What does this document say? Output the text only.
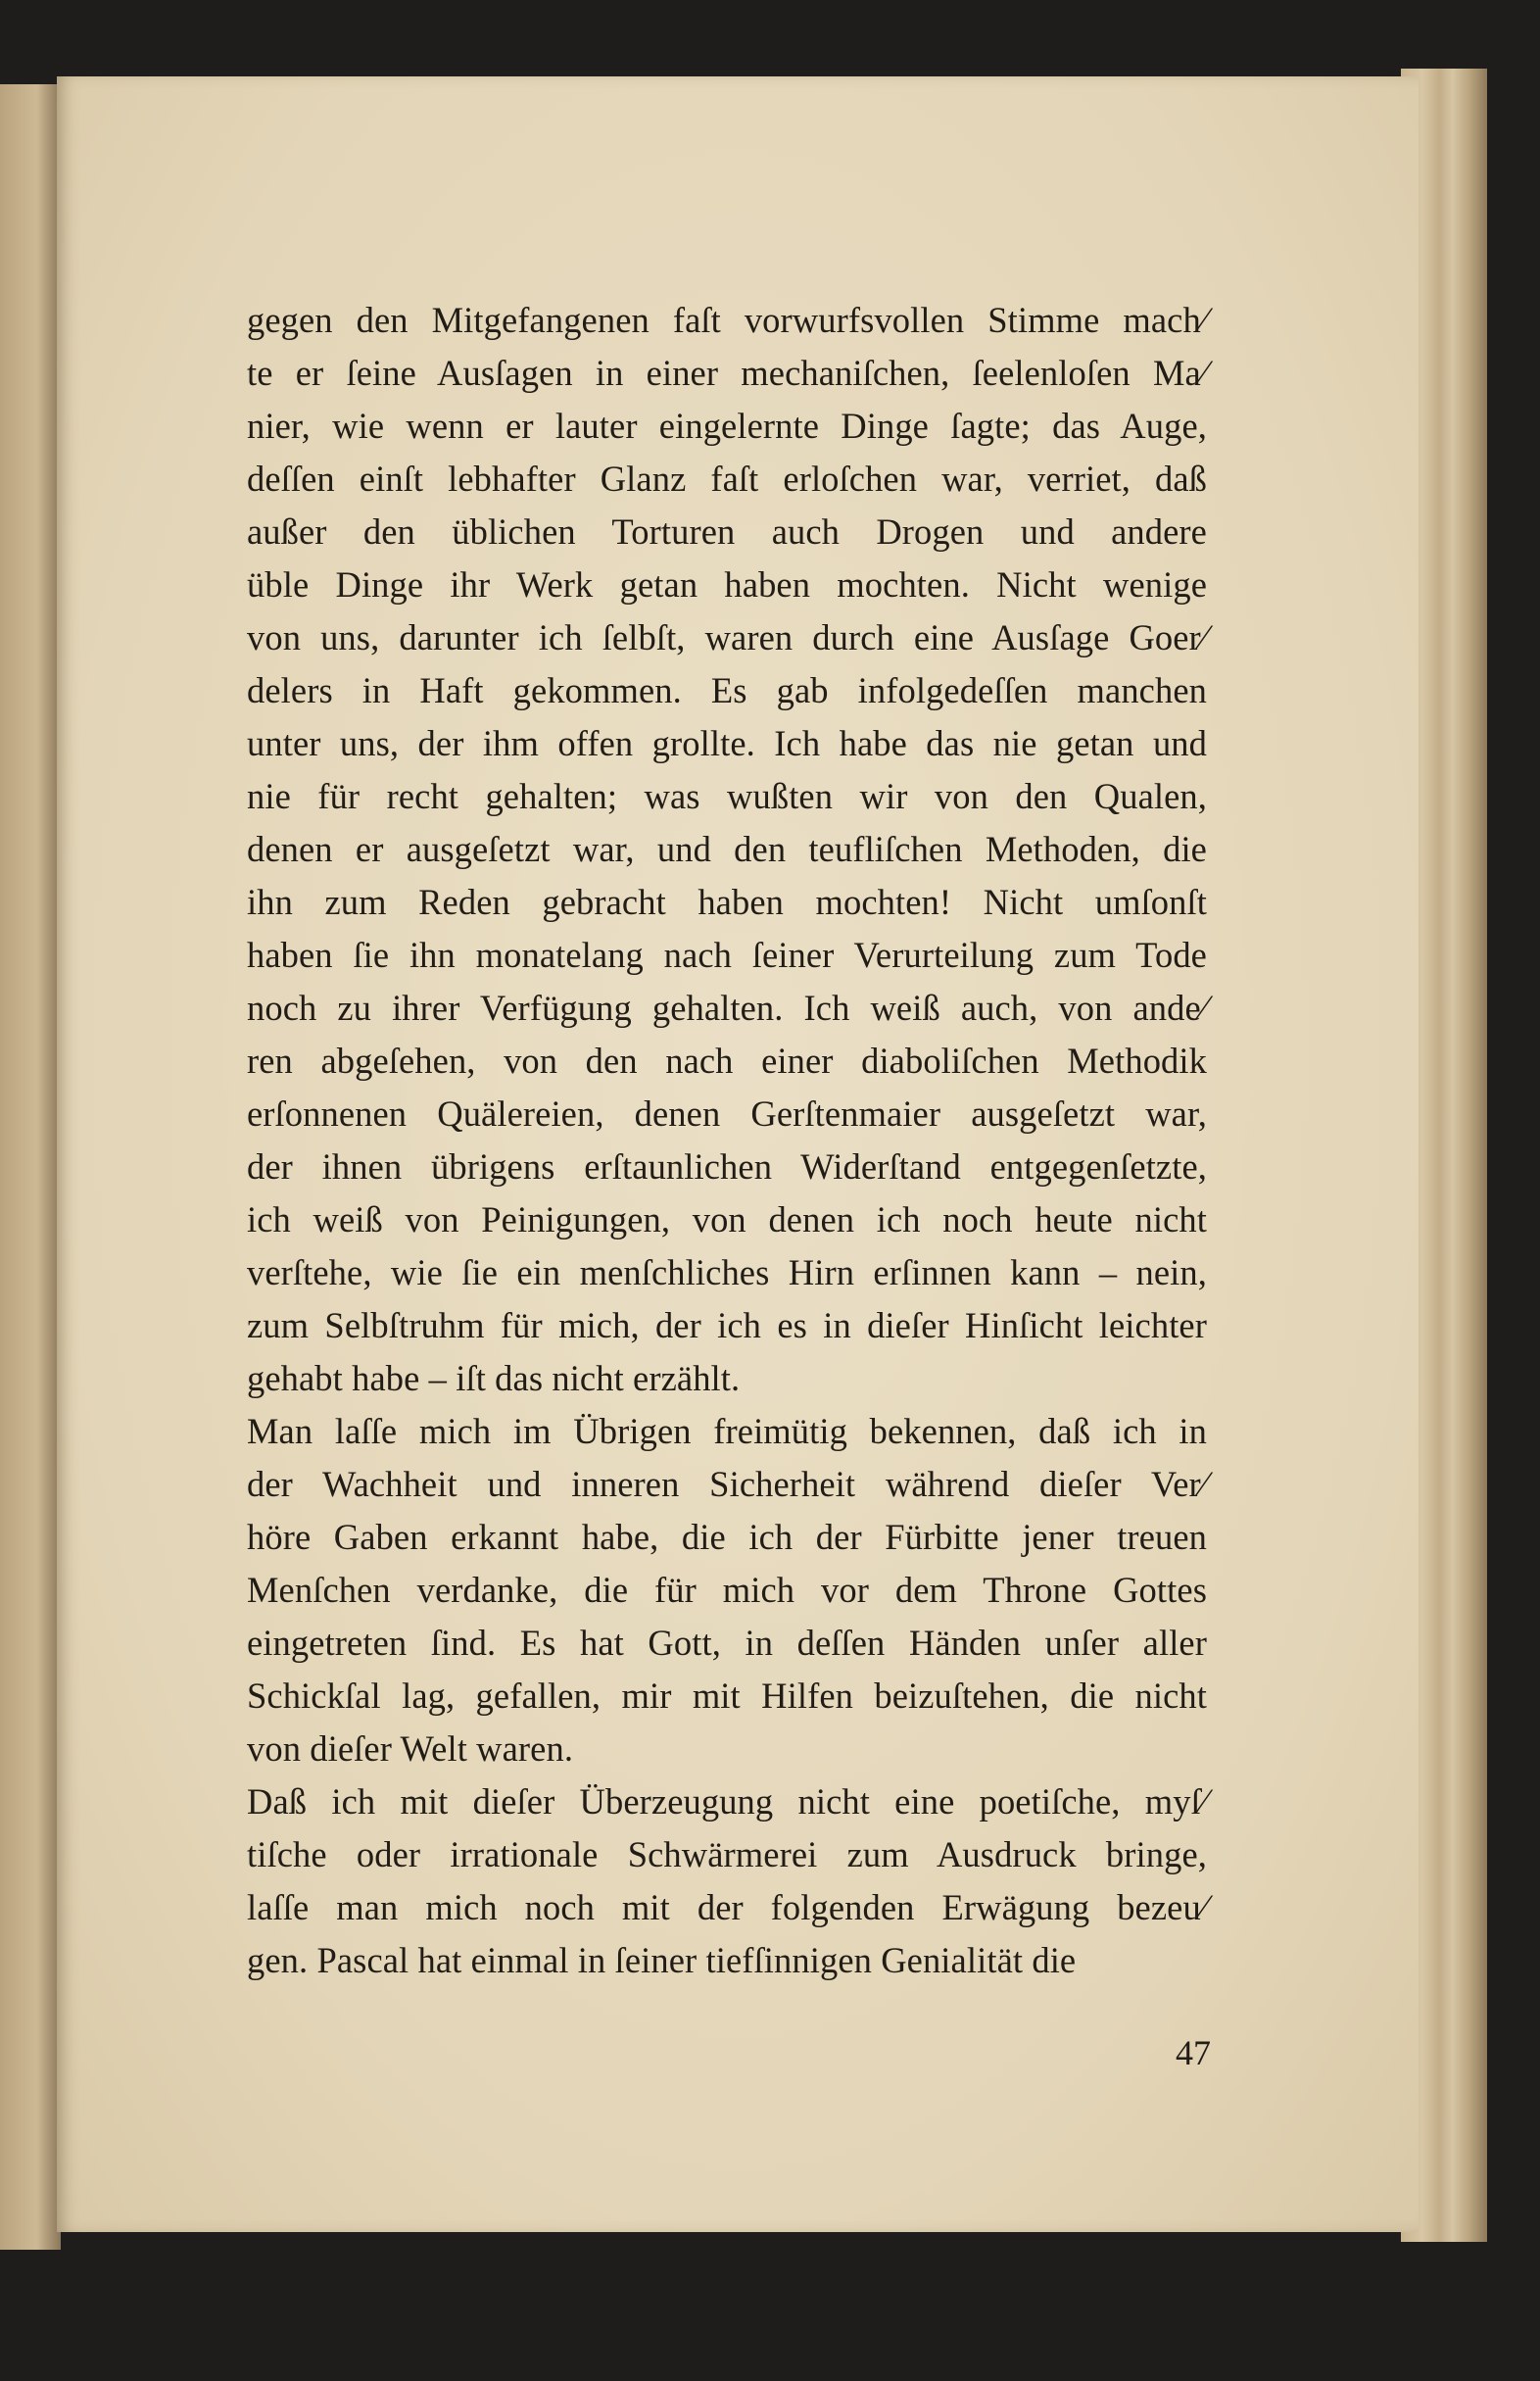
gegen den Mitgefangenen faſt vorwurfsvollen Stimme mach⁄
te er ſeine Ausſagen in einer mechaniſchen, ſeelenloſen Ma⁄
nier, wie wenn er lauter eingelernte Dinge ſagte; das Auge,
deſſen einſt lebhafter Glanz faſt erloſchen war, verriet, daß
außer den üblichen Torturen auch Drogen und andere
üble Dinge ihr Werk getan haben mochten. Nicht wenige
von uns, darunter ich ſelbſt, waren durch eine Ausſage Goer⁄
delers in Haft gekommen. Es gab infolgedeſſen manchen
unter uns, der ihm offen grollte. Ich habe das nie getan und
nie für recht gehalten; was wußten wir von den Qualen,
denen er ausgeſetzt war, und den teufliſchen Methoden, die
ihn zum Reden gebracht haben mochten! Nicht umſonſt
haben ſie ihn monatelang nach ſeiner Verurteilung zum Tode
noch zu ihrer Verfügung gehalten. Ich weiß auch, von ande⁄
ren abgeſehen, von den nach einer diaboliſchen Methodik
erſonnenen Quälereien, denen Gerſtenmaier ausgeſetzt war,
der ihnen übrigens erſtaunlichen Widerſtand entgegenſetzte,
ich weiß von Peinigungen, von denen ich noch heute nicht
verſtehe, wie ſie ein menſchliches Hirn erſinnen kann – nein,
zum Selbſtruhm für mich, der ich es in dieſer Hinſicht leichter
gehabt habe – iſt das nicht erzählt.
Man laſſe mich im Übrigen freimütig bekennen, daß ich in
der Wachheit und inneren Sicherheit während dieſer Ver⁄
höre Gaben erkannt habe, die ich der Fürbitte jener treuen
Menſchen verdanke, die für mich vor dem Throne Gottes
eingetreten ſind. Es hat Gott, in deſſen Händen unſer aller
Schickſal lag, gefallen, mir mit Hilfen beizuſtehen, die nicht
von dieſer Welt waren.
Daß ich mit dieſer Überzeugung nicht eine poetiſche, myſ⁄
tiſche oder irrationale Schwärmerei zum Ausdruck bringe,
laſſe man mich noch mit der folgenden Erwägung bezeu⁄
gen. Pascal hat einmal in ſeiner tiefſinnigen Genialität die
47
